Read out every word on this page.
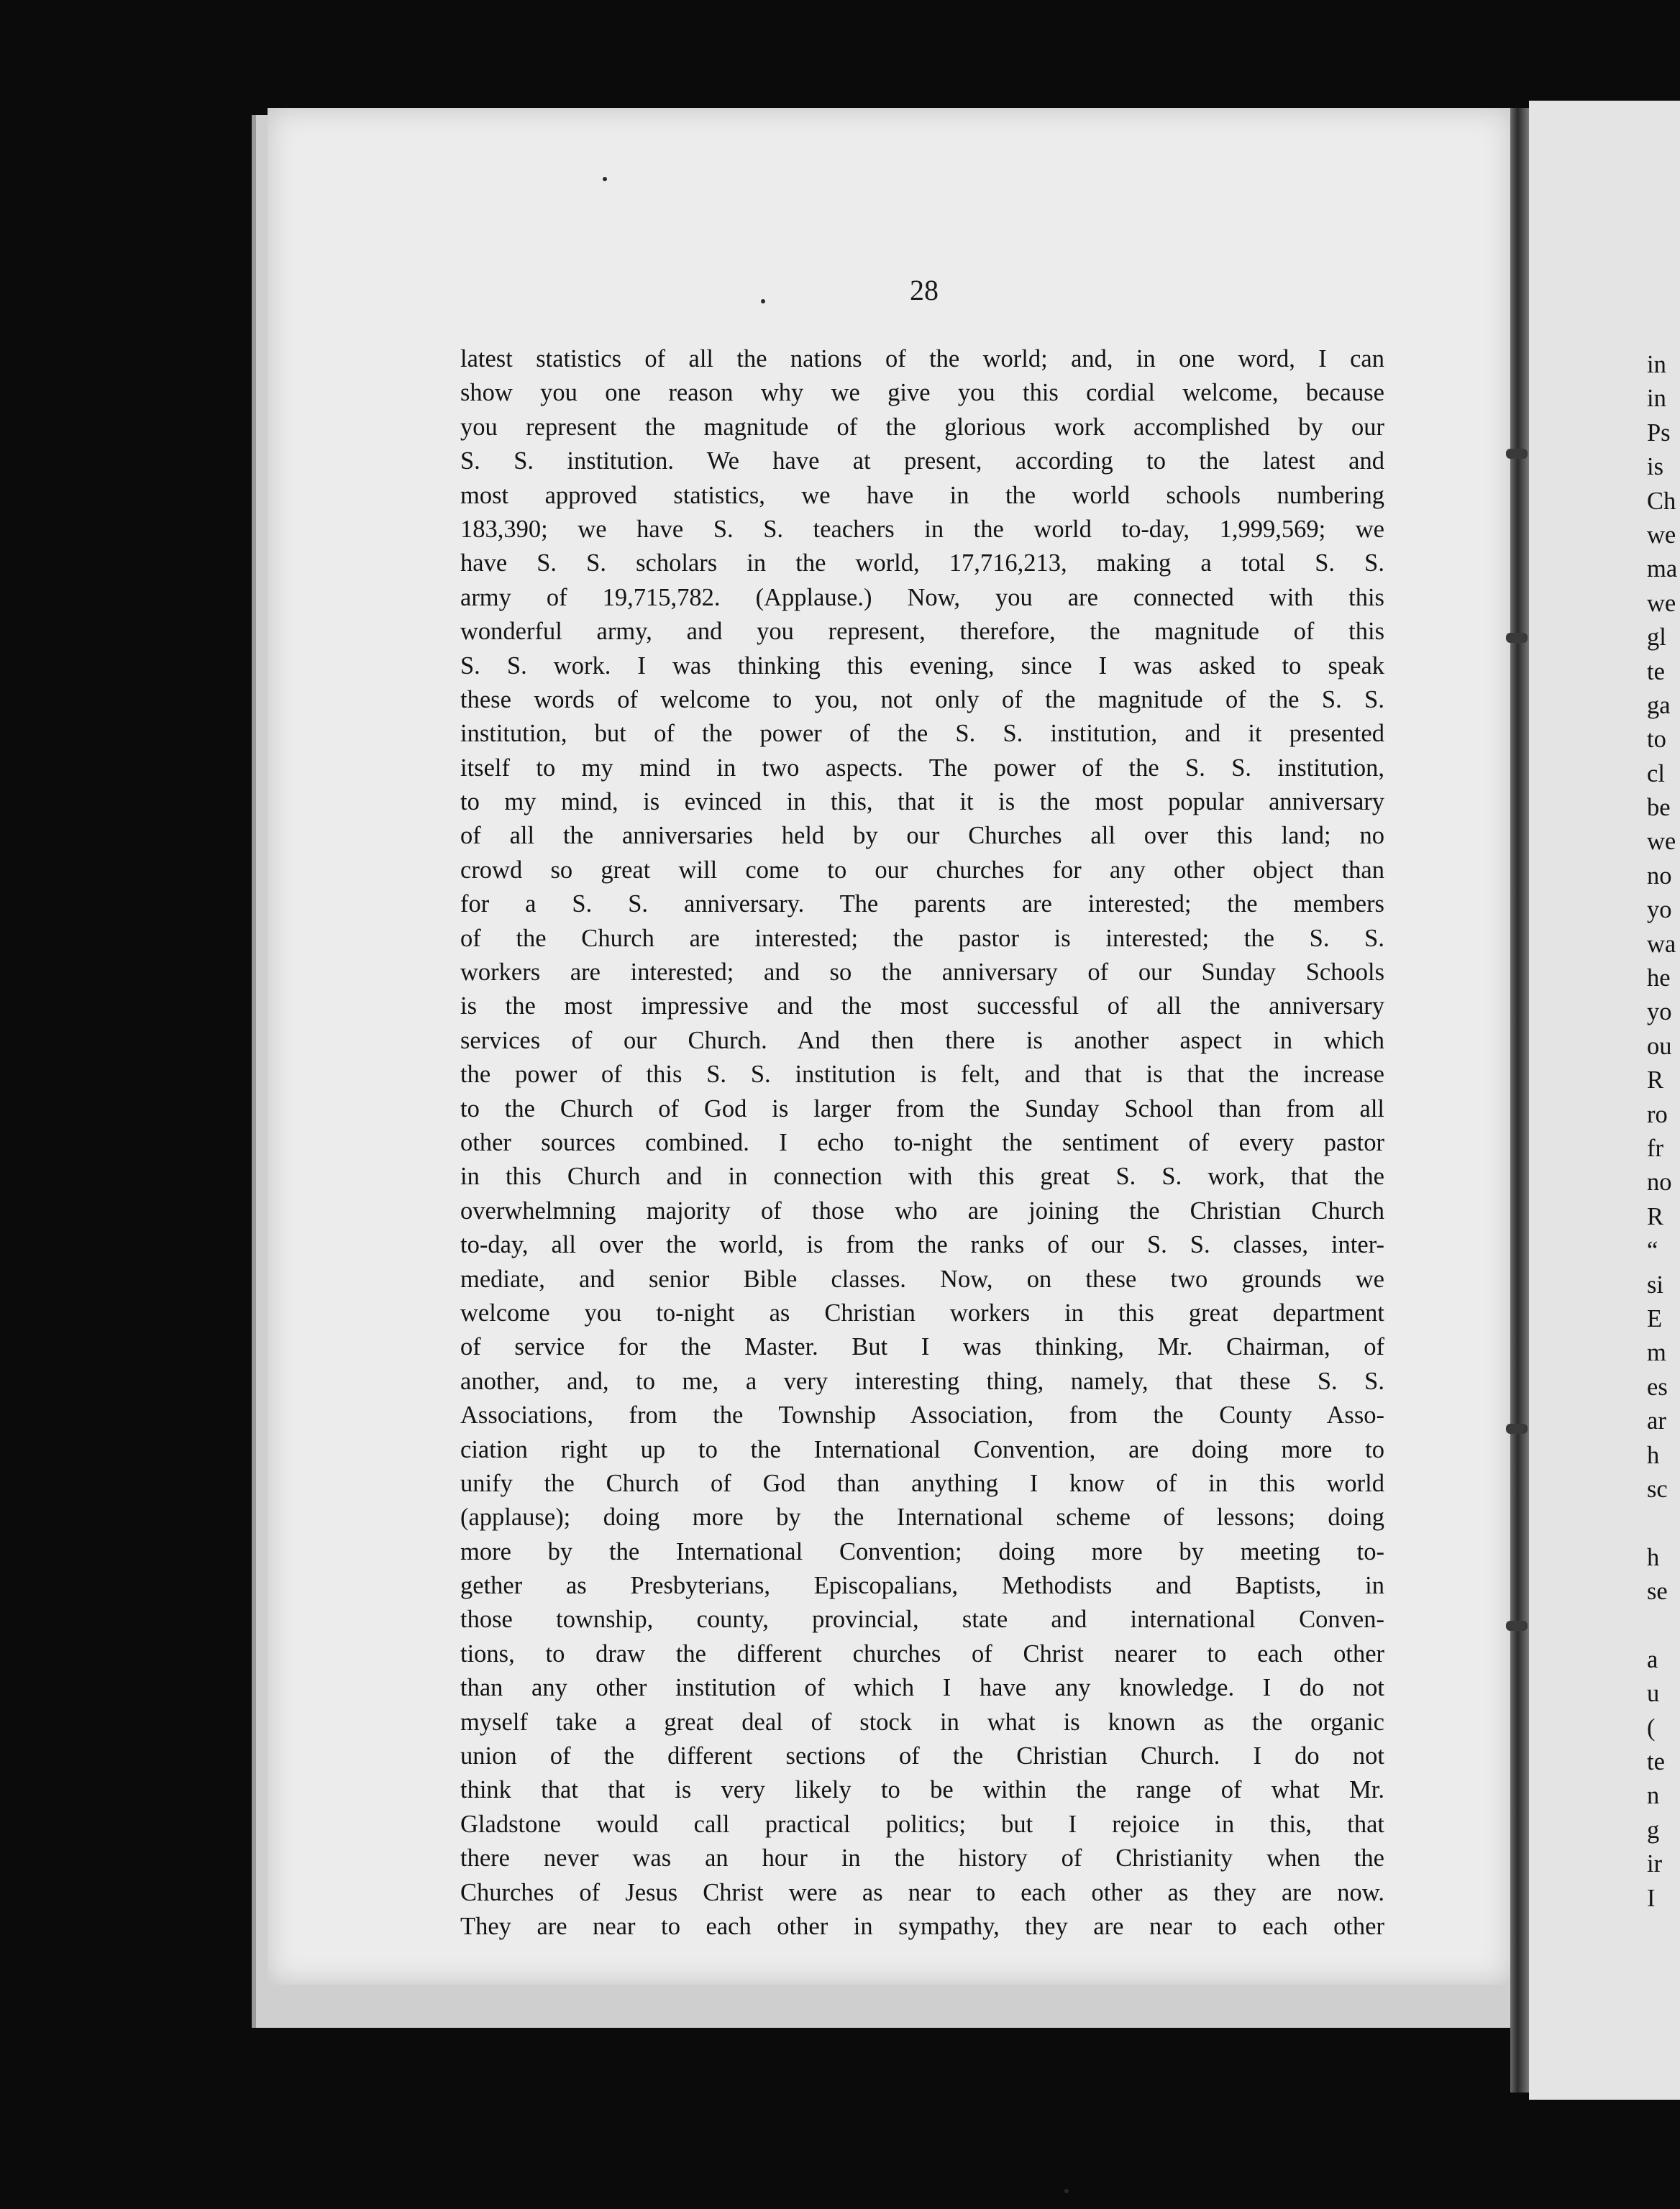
28
latest statistics of all the nations of the world; and, in one word, I can
show you one reason why we give you this cordial welcome, because
you represent the magnitude of the glorious work accomplished by our
S. S. institution. We have at present, according to the latest and
most approved statistics, we have in the world schools numbering
183,390; we have S. S. teachers in the world to-day, 1,999,569; we
have S. S. scholars in the world, 17,716,213, making a total S. S.
army of 19,715,782. (Applause.) Now, you are connected with this
wonderful army, and you represent, therefore, the magnitude of this
S. S. work. I was thinking this evening, since I was asked to speak
these words of welcome to you, not only of the magnitude of the S. S.
institution, but of the power of the S. S. institution, and it presented
itself to my mind in two aspects. The power of the S. S. institution,
to my mind, is evinced in this, that it is the most popular anniversary
of all the anniversaries held by our Churches all over this land; no
crowd so great will come to our churches for any other object than
for a S. S. anniversary. The parents are interested; the members
of the Church are interested; the pastor is interested; the S. S.
workers are interested; and so the anniversary of our Sunday Schools
is the most impressive and the most successful of all the anniversary
services of our Church. And then there is another aspect in which
the power of this S. S. institution is felt, and that is that the increase
to the Church of God is larger from the Sunday School than from all
other sources combined. I echo to-night the sentiment of every pastor
in this Church and in connection with this great S. S. work, that the
overwhelmning majority of those who are joining the Christian Church
to-day, all over the world, is from the ranks of our S. S. classes, inter-
mediate, and senior Bible classes. Now, on these two grounds we
welcome you to-night as Christian workers in this great department
of service for the Master. But I was thinking, Mr. Chairman, of
another, and, to me, a very interesting thing, namely, that these S. S.
Associations, from the Township Association, from the County Asso-
ciation right up to the International Convention, are doing more to
unify the Church of God than anything I know of in this world
(applause); doing more by the International scheme of lessons; doing
more by the International Convention; doing more by meeting to-
gether as Presbyterians, Episcopalians, Methodists and Baptists, in
those township, county, provincial, state and international Conven-
tions, to draw the different churches of Christ nearer to each other
than any other institution of which I have any knowledge. I do not
myself take a great deal of stock in what is known as the organic
union of the different sections of the Christian Church. I do not
think that that is very likely to be within the range of what Mr.
Gladstone would call practical politics; but I rejoice in this, that
there never was an hour in the history of Christianity when the
Churches of Jesus Christ were as near to each other as they are now.
They are near to each other in sympathy, they are near to each other
in
in
Ps
is
Ch
we
ma
we
gl
te
ga
to
cl
be
we
no
yo
wa
he
yo
ou
R
ro
fr
no
R
“
si
E
m
es
ar
h
sc
h
se
a
u
(
te
n
g
ir
I
